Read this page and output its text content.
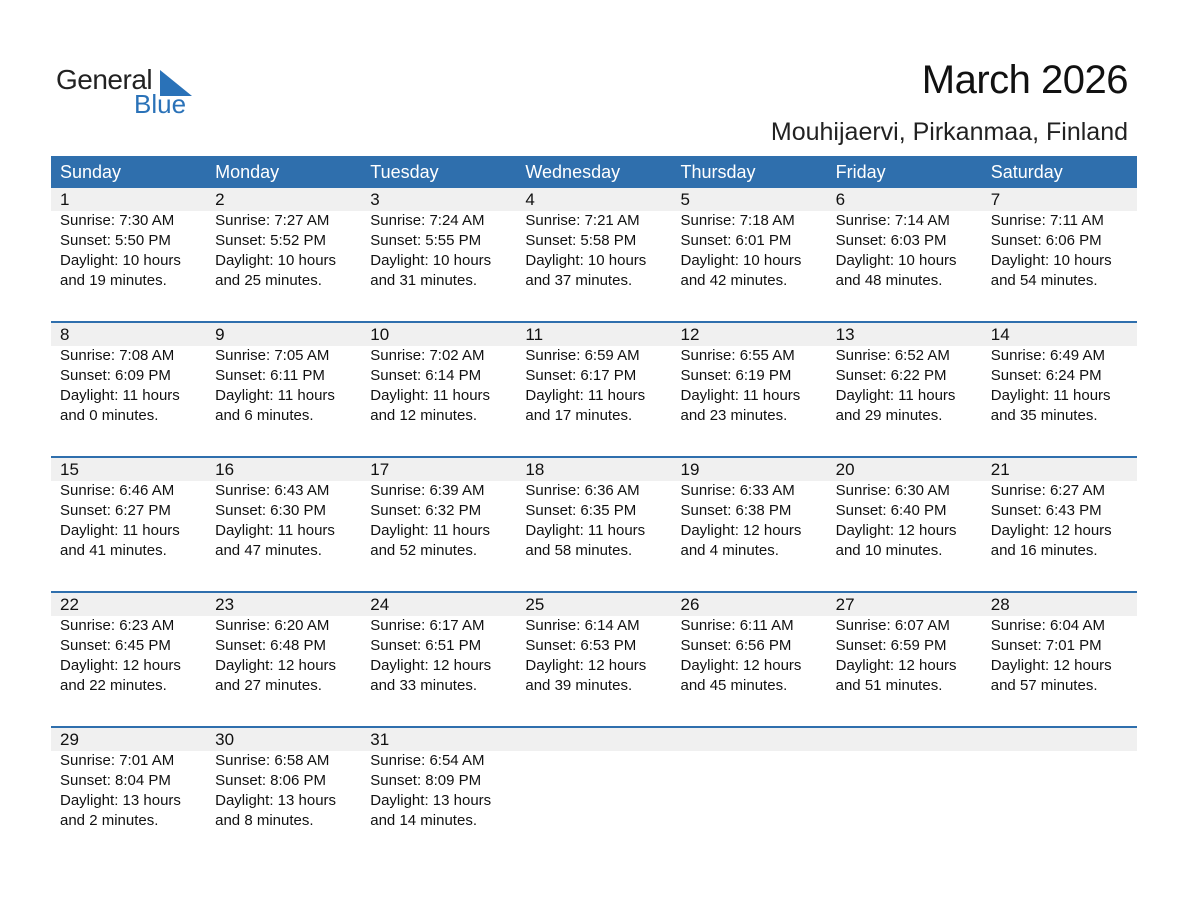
General
Blue
March 2026
Mouhijaervi, Pirkanmaa, Finland
Sunday	Monday	Tuesday	Wednesday	Thursday	Friday	Saturday
1	2	3	4	5	6	7
Sunrise: 7:30 AM
Sunset: 5:50 PM
Daylight: 10 hours
and 19 minutes.
Sunrise: 7:27 AM
Sunset: 5:52 PM
Daylight: 10 hours
and 25 minutes.
Sunrise: 7:24 AM
Sunset: 5:55 PM
Daylight: 10 hours
and 31 minutes.
Sunrise: 7:21 AM
Sunset: 5:58 PM
Daylight: 10 hours
and 37 minutes.
Sunrise: 7:18 AM
Sunset: 6:01 PM
Daylight: 10 hours
and 42 minutes.
Sunrise: 7:14 AM
Sunset: 6:03 PM
Daylight: 10 hours
and 48 minutes.
Sunrise: 7:11 AM
Sunset: 6:06 PM
Daylight: 10 hours
and 54 minutes.
8	9	10	11	12	13	14
Sunrise: 7:08 AM
Sunset: 6:09 PM
Daylight: 11 hours
and 0 minutes.
Sunrise: 7:05 AM
Sunset: 6:11 PM
Daylight: 11 hours
and 6 minutes.
Sunrise: 7:02 AM
Sunset: 6:14 PM
Daylight: 11 hours
and 12 minutes.
Sunrise: 6:59 AM
Sunset: 6:17 PM
Daylight: 11 hours
and 17 minutes.
Sunrise: 6:55 AM
Sunset: 6:19 PM
Daylight: 11 hours
and 23 minutes.
Sunrise: 6:52 AM
Sunset: 6:22 PM
Daylight: 11 hours
and 29 minutes.
Sunrise: 6:49 AM
Sunset: 6:24 PM
Daylight: 11 hours
and 35 minutes.
15	16	17	18	19	20	21
Sunrise: 6:46 AM
Sunset: 6:27 PM
Daylight: 11 hours
and 41 minutes.
Sunrise: 6:43 AM
Sunset: 6:30 PM
Daylight: 11 hours
and 47 minutes.
Sunrise: 6:39 AM
Sunset: 6:32 PM
Daylight: 11 hours
and 52 minutes.
Sunrise: 6:36 AM
Sunset: 6:35 PM
Daylight: 11 hours
and 58 minutes.
Sunrise: 6:33 AM
Sunset: 6:38 PM
Daylight: 12 hours
and 4 minutes.
Sunrise: 6:30 AM
Sunset: 6:40 PM
Daylight: 12 hours
and 10 minutes.
Sunrise: 6:27 AM
Sunset: 6:43 PM
Daylight: 12 hours
and 16 minutes.
22	23	24	25	26	27	28
Sunrise: 6:23 AM
Sunset: 6:45 PM
Daylight: 12 hours
and 22 minutes.
Sunrise: 6:20 AM
Sunset: 6:48 PM
Daylight: 12 hours
and 27 minutes.
Sunrise: 6:17 AM
Sunset: 6:51 PM
Daylight: 12 hours
and 33 minutes.
Sunrise: 6:14 AM
Sunset: 6:53 PM
Daylight: 12 hours
and 39 minutes.
Sunrise: 6:11 AM
Sunset: 6:56 PM
Daylight: 12 hours
and 45 minutes.
Sunrise: 6:07 AM
Sunset: 6:59 PM
Daylight: 12 hours
and 51 minutes.
Sunrise: 6:04 AM
Sunset: 7:01 PM
Daylight: 12 hours
and 57 minutes.
29	30	31
Sunrise: 7:01 AM
Sunset: 8:04 PM
Daylight: 13 hours
and 2 minutes.
Sunrise: 6:58 AM
Sunset: 8:06 PM
Daylight: 13 hours
and 8 minutes.
Sunrise: 6:54 AM
Sunset: 8:09 PM
Daylight: 13 hours
and 14 minutes.
